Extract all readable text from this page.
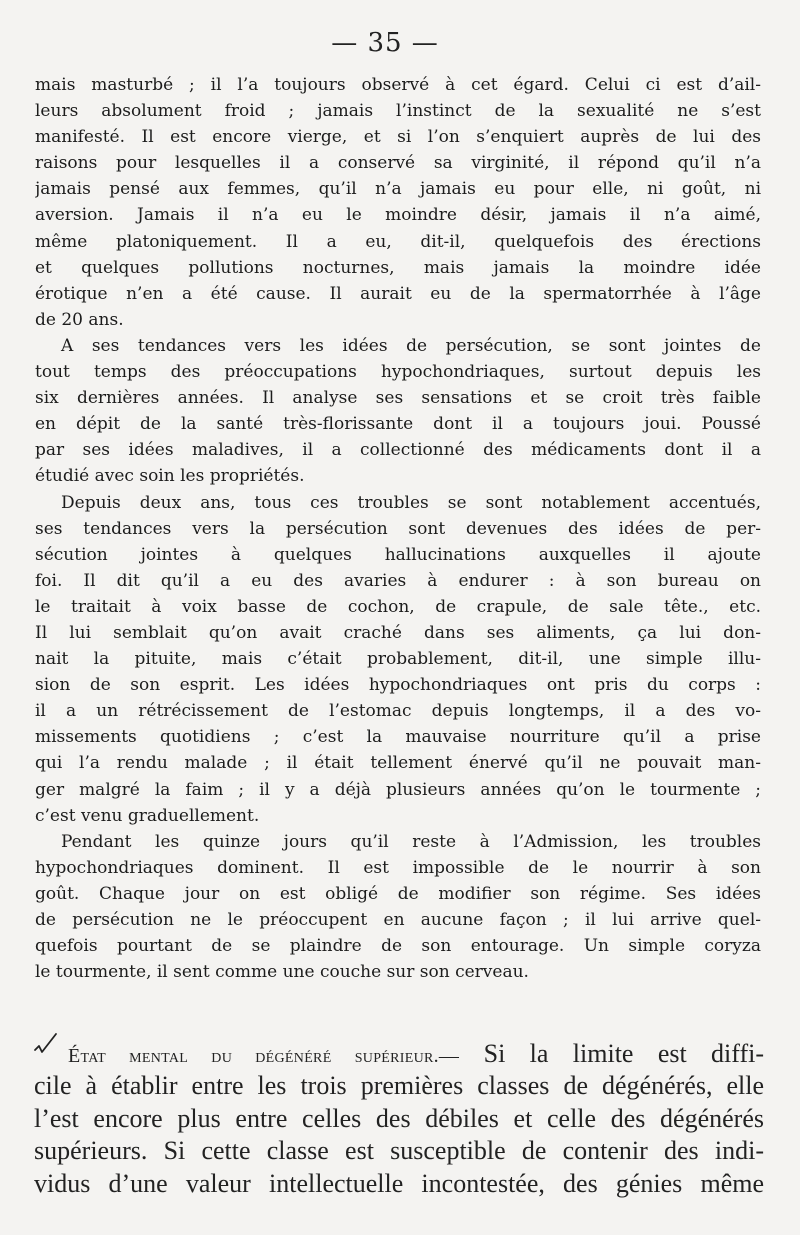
— 35 —
mais masturbé ; il l’a toujours observé à cet égard. Celui ci est d’ail-
leurs absolument froid ; jamais l’instinct de la sexualité ne s’est
manifesté. Il est encore vierge, et si l’on s’enquiert auprès de lui des
raisons pour lesquelles il a conservé sa virginité, il répond qu’il n’a
jamais pensé aux femmes, qu’il n’a jamais eu pour elle, ni goût, ni
aversion. Jamais il n’a eu le moindre désir, jamais il n’a aimé,
même platoniquement. Il a eu, dit-il, quelquefois des érections
et quelques pollutions nocturnes, mais jamais la moindre idée
érotique n’en a été cause. Il aurait eu de la spermatorrhée à l’âge
de 20 ans.
A ses tendances vers les idées de persécution, se sont jointes de
tout temps des préoccupations hypochondriaques, surtout depuis les
six dernières années. Il analyse ses sensations et se croit très faible
en dépit de la santé très-florissante dont il a toujours joui. Poussé
par ses idées maladives, il a collectionné des médicaments dont il a
étudié avec soin les propriétés.
Depuis deux ans, tous ces troubles se sont notablement accentués,
ses tendances vers la persécution sont devenues des idées de per-
sécution jointes à quelques hallucinations auxquelles il ajoute
foi. Il dit qu’il a eu des avaries à endurer : à son bureau on
le traitait à voix basse de cochon, de crapule, de sale tête., etc.
Il lui semblait qu’on avait craché dans ses aliments, ça lui don-
nait la pituite, mais c’était probablement, dit-il, une simple illu-
sion de son esprit. Les idées hypochondriaques ont pris du corps :
il a un rétrécissement de l’estomac depuis longtemps, il a des vo-
missements quotidiens ; c’est la mauvaise nourriture qu’il a prise
qui l’a rendu malade ; il était tellement énervé qu’il ne pouvait man-
ger malgré la faim ; il y a déjà plusieurs années qu’on le tourmente ;
c’est venu graduellement.
Pendant les quinze jours qu’il reste à l’Admission, les troubles
hypochondriaques dominent. Il est impossible de le nourrir à son
goût. Chaque jour on est obligé de modifier son régime. Ses idées
de persécution ne le préoccupent en aucune façon ; il lui arrive quel-
quefois pourtant de se plaindre de son entourage. Un simple coryza
le tourmente, il sent comme une couche sur son cerveau.
État mental du dégénéré supérieur.— Si la limite est diffi-
cile à établir entre les trois premières classes de dégénérés, elle
l’est encore plus entre celles des débiles et celle des dégénérés
supérieurs. Si cette classe est susceptible de contenir des indi-
vidus d’une valeur intellectuelle incontestée, des génies même
